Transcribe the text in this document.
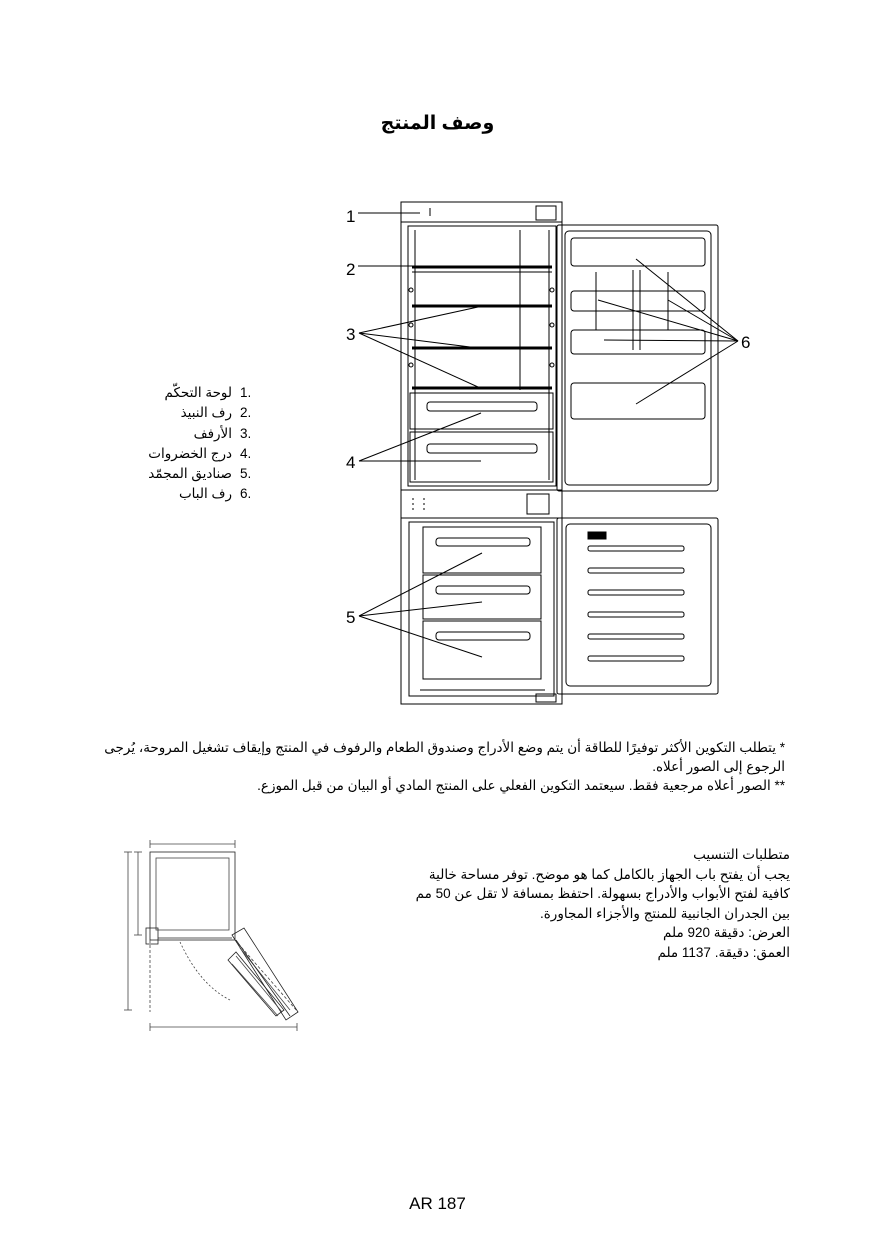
وصف المنتج
1
2
3
4
5
6
لوحة التحكّم 1.
رف النبيذ 2.
الأرفف 3.
درج الخضروات 4.
صناديق المجمّد 5.
رف الباب 6.

* يتطلب التكوين الأكثر توفيرًا للطاقة أن يتم وضع الأدراج وصندوق الطعام والرفوف في المنتج وإيقاف تشغيل المروحة، يُرجى الرجوع إلى الصور أعلاه.

** الصور أعلاه مرجعية فقط. سيعتمد التكوين الفعلي على المنتج المادي أو البيان من قبل الموزع.

متطلبات التنسيب

يجب أن يفتح باب الجهاز بالكامل كما هو موضح. توفر مساحة خالية

كافية لفتح الأبواب والأدراج بسهولة. احتفظ بمسافة لا تقل عن 50 مم

بين الجدران الجانبية للمنتج والأجزاء المجاورة.

العرض: دقيقة 920 ملم

العمق: دقيقة. 1137 ملم

AR 187
